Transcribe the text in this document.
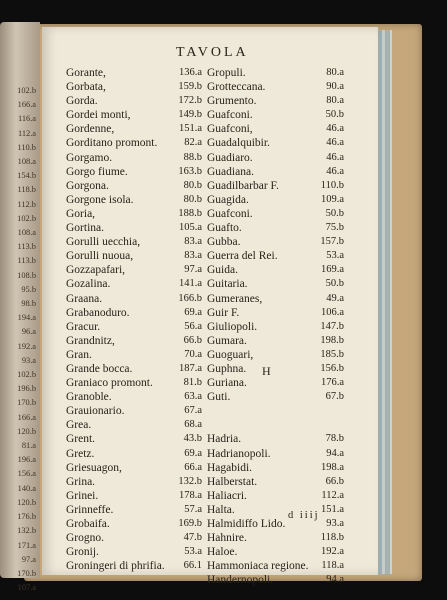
102.b
166.a
116.a
112.a
110.b
108.a
154.b
118.b
112.b
102.b
108.a
113.b
113.b
108.b
95.b
98.b
194.a
96.a
192.a
93.a
102.b
196.b
170.b
166.a
120.b
81.a
196.a
156.a
140.a
120.b
176.b
132.b
171.a
97.a
170.b
107.a
TAVOLA
Gorante,	136.a
Gorbata,	159.b
Gorda.	172.b
Gordei monti,	149.b
Gordenne,	151.a
Gorditano promont.	82.a
Gorgamo.	88.b
Gorgo fiume.	163.b
Gorgona.	80.b
Gorgone isola.	80.b
Goria,	188.b
Gortina.	105.a
Gorulli uecchia,	83.a
Gorulli nuoua,	83.a
Gozzapafari,	97.a
Gozalina.	141.a
Graana.	166.b
Grabanoduro.	69.a
Gracur.	56.a
Grandnitz,	66.b
Gran.	70.a
Grande bocca.	187.a
Graniaco promont.	81.b
Granoble.	63.a
Grauionario.	67.a
Grea.	68.a
Grent.	43.b
Gretz.	69.a
Griesuagon,	66.a
Grina.	132.b
Grinei.	178.a
Grinneffe.	57.a
Grobaifa.	169.b
Grogno.	47.b
Gronij.	53.a
Groningeri di phrifia. 66.1
Gropuli.	80.a
Grotteccana.	90.a
Grumento.	80.a
Guafconi.	50.b
Guafconi,	46.a
Guadalquibir.	46.a
Guadiaro.	46.a
Guadiana.	46.a
Guadilbarbar F.	110.b
Guagida.	109.a
Guafconi.	50.b
Guafto.	75.b
Gubba.	157.b
Guerra del Rei.	53.a
Guida.	169.a
Guitaria.	50.b
Gumeranes,	49.a
Guir F.	106.a
Giuliopoli.	147.b
Gumara.	198.b
Guoguari,	185.b
Guphna.	156.b
Guriana.	176.a
Guti.	67.b
Hadria.	78.b
Hadrianopoli.	94.a
Hagabidi.	198.a
Halberstat.	66.b
Haliacri.	112.a
Halta.	151.a
Halmidiffo Lido.	93.a
Hahnire.	118.b
Haloe.	192.a
Hammoniaca regione. 118.a
Handernopoli.	94.a
H
d iiij
